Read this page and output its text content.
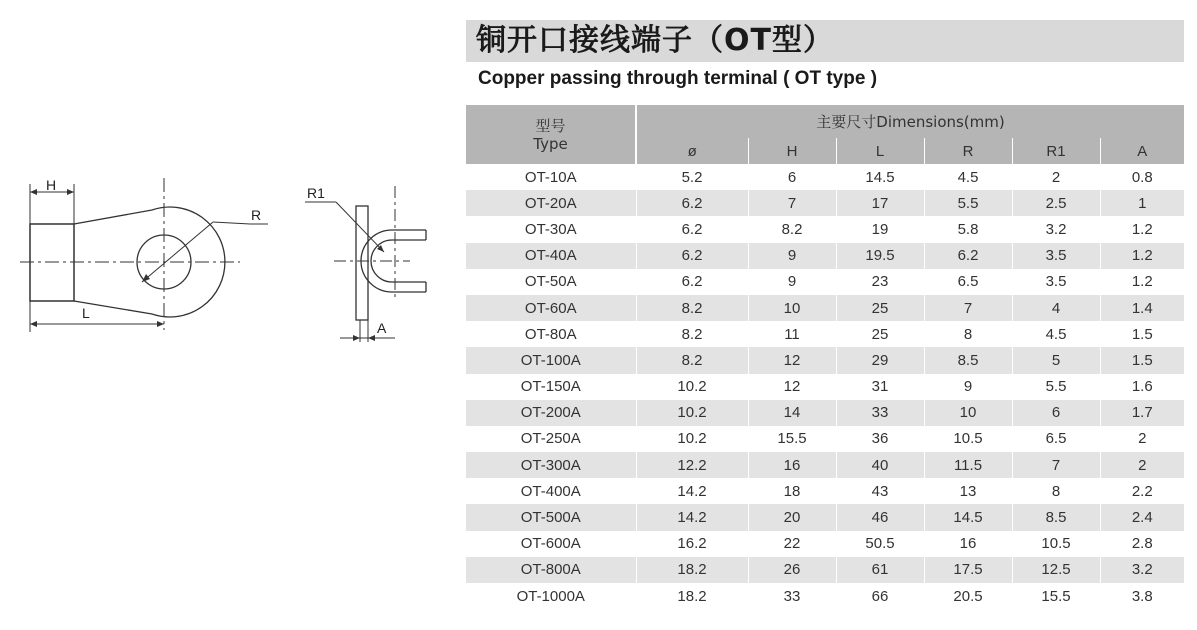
H
L
R
R1
A
铜开口接线端子（OT型）
Copper passing through terminal ( OT type )
型号
Type	主要尺寸Dimensions(mm)					
	ø	H	L	R	R1	A
OT-10A	5.2	6	14.5	4.5	2	0.8
OT-20A	6.2	7	17	5.5	2.5	1
OT-30A	6.2	8.2	19	5.8	3.2	1.2
OT-40A	6.2	9	19.5	6.2	3.5	1.2
OT-50A	6.2	9	23	6.5	3.5	1.2
OT-60A	8.2	10	25	7	4	1.4
OT-80A	8.2	11	25	8	4.5	1.5
OT-100A	8.2	12	29	8.5	5	1.5
OT-150A	10.2	12	31	9	5.5	1.6
OT-200A	10.2	14	33	10	6	1.7
OT-250A	10.2	15.5	36	10.5	6.5	2
OT-300A	12.2	16	40	11.5	7	2
OT-400A	14.2	18	43	13	8	2.2
OT-500A	14.2	20	46	14.5	8.5	2.4
OT-600A	16.2	22	50.5	16	10.5	2.8
OT-800A	18.2	26	61	17.5	12.5	3.2
OT-1000A	18.2	33	66	20.5	15.5	3.8
